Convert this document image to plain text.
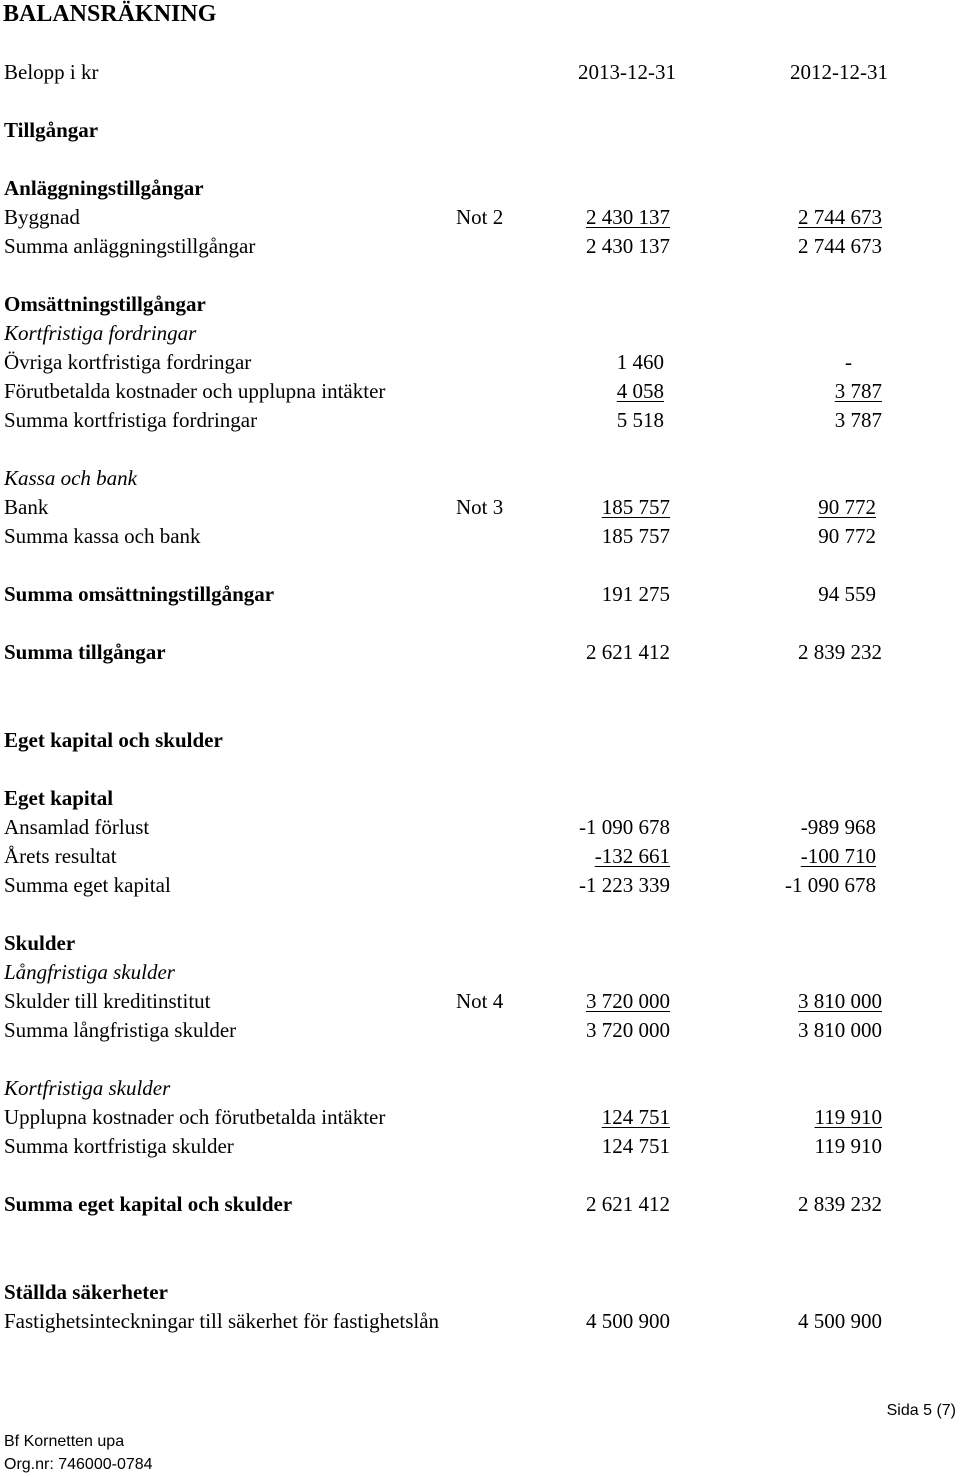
BALANSRÄKNING
Belopp i kr	2013-12-31	2012-12-31
Tillgångar
Anläggningstillgångar
Byggnad	Not 2	2 430 137	2 744 673
Summa anläggningstillgångar	2 430 137	2 744 673
Omsättningstillgångar
Kortfristiga fordringar
Övriga kortfristiga fordringar	1 460	-
Förutbetalda kostnader och upplupna intäkter	4 058	3 787
Summa kortfristiga fordringar	5 518	3 787
Kassa och bank
Bank	Not 3	185 757	90 772
Summa kassa och bank	185 757	90 772
Summa omsättningstillgångar	191 275	94 559
Summa tillgångar	2 621 412	2 839 232
Eget kapital och skulder
Eget kapital
Ansamlad förlust	-1 090 678	-989 968
Årets resultat	-132 661	-100 710
Summa eget kapital	-1 223 339	-1 090 678
Skulder
Långfristiga skulder
Skulder till kreditinstitut	Not 4	3 720 000	3 810 000
Summa långfristiga skulder	3 720 000	3 810 000
Kortfristiga skulder
Upplupna kostnader och förutbetalda intäkter	124 751	119 910
Summa kortfristiga skulder	124 751	119 910
Summa eget kapital och skulder	2 621 412	2 839 232
Ställda säkerheter
Fastighetsinteckningar till säkerhet för fastighetslån	4 500 900	4 500 900
Sida 5 (7)
Bf Kornetten upa
Org.nr: 746000-0784
